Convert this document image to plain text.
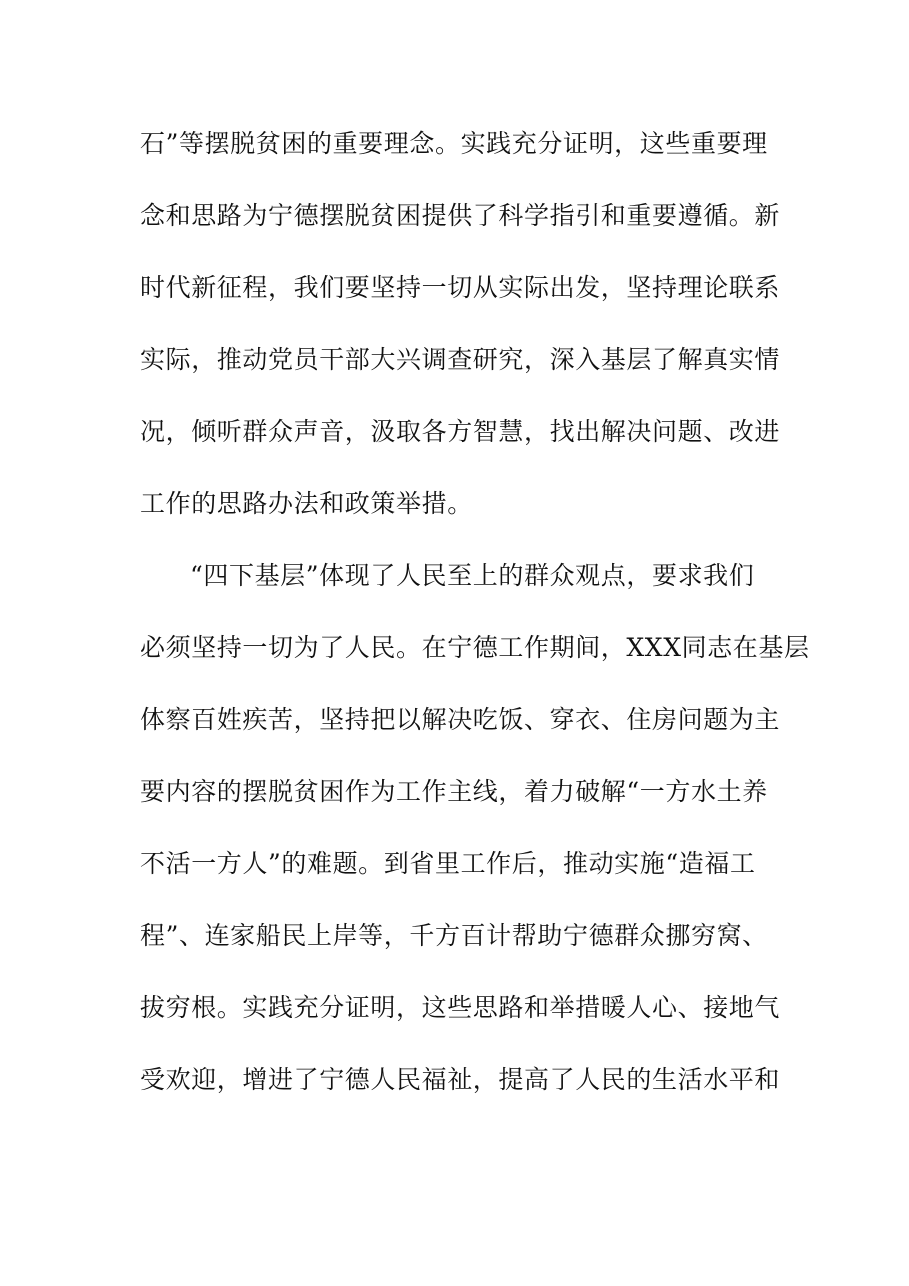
石”等摆脱贫困的重要理念。实践充分证明，这些重要理
念和思路为宁德摆脱贫困提供了科学指引和重要遵循。新
时代新征程，我们要坚持一切从实际出发，坚持理论联系
实际，推动党员干部大兴调查研究，深入基层了解真实情
况，倾听群众声音，汲取各方智慧，找出解决问题、改进
工作的思路办法和政策举措。
“四下基层”体现了人民至上的群众观点，要求我们
必须坚持一切为了人民。在宁德工作期间，XXX同志在基层
体察百姓疾苦，坚持把以解决吃饭、穿衣、住房问题为主
要内容的摆脱贫困作为工作主线，着力破解“一方水土养
不活一方人”的难题。到省里工作后，推动实施“造福工
程”、连家船民上岸等，千方百计帮助宁德群众挪穷窝、
拔穷根。实践充分证明，这些思路和举措暖人心、接地气
受欢迎，增进了宁德人民福祉，提高了人民的生活水平和
